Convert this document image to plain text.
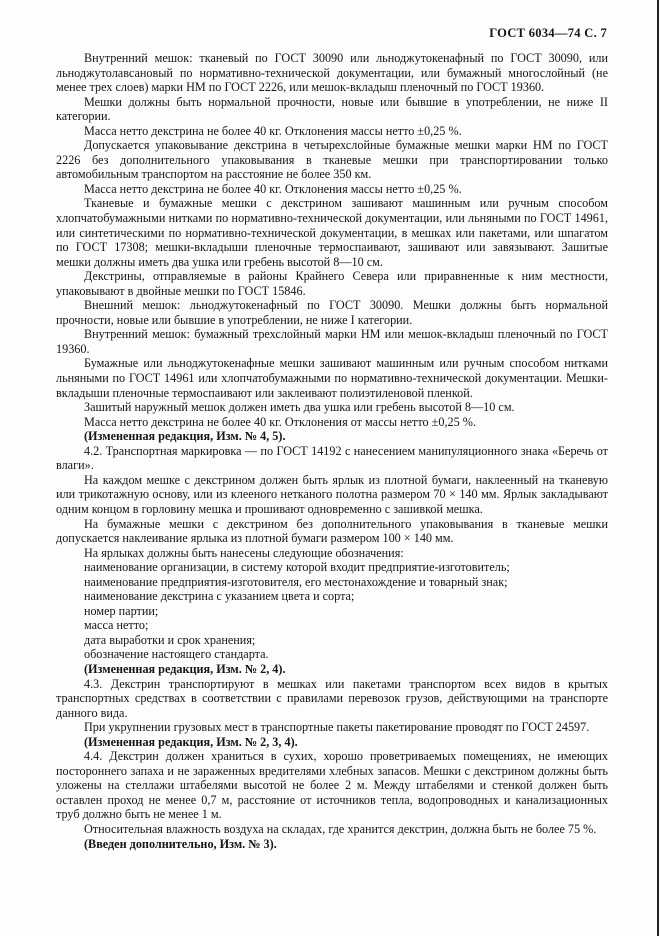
ГОСТ 6034—74 С. 7

Внутренний мешок: тканевый по ГОСТ 30090 или льноджутокенафный по ГОСТ 30090, или льноджутолавсановый по нормативно-технической документации, или бумажный многослойный (не менее трех слоев) марки НМ по ГОСТ 2226, или мешок-вкладыш пленочный по ГОСТ 19360.

Мешки должны быть нормальной прочности, новые или бывшие в употреблении, не ниже II категории.

Масса нетто декстрина не более 40 кг. Отклонения массы нетто ±0,25 %.

Допускается упаковывание декстрина в четырехслойные бумажные мешки марки НМ по ГОСТ 2226 без дополнительного упаковывания в тканевые мешки при транспортировании только автомобильным транспортом на расстояние не более 350 км.

Масса нетто декстрина не более 40 кг. Отклонения массы нетто ±0,25 %.

Тканевые и бумажные мешки с декстрином зашивают машинным или ручным способом хлопчатобумажными нитками по нормативно-технической документации, или льняными по ГОСТ 14961, или синтетическими по нормативно-технической документации, в мешках или пакетами, или шпагатом по ГОСТ 17308; мешки-вкладыши пленочные термоспаивают, зашивают или завязывают. Зашитые мешки должны иметь два ушка или гребень высотой 8—10 см.

Декстрины, отправляемые в районы Крайнего Севера или приравненные к ним местности, упаковывают в двойные мешки по ГОСТ 15846.

Внешний мешок: льноджутокенафный по ГОСТ 30090. Мешки должны быть нормальной прочности, новые или бывшие в употреблении, не ниже I категории.

Внутренний мешок: бумажный трехслойный марки НМ или мешок-вкладыш пленочный по ГОСТ 19360.

Бумажные или льноджутокенафные мешки зашивают машинным или ручным способом нитками льняными по ГОСТ 14961 или хлопчатобумажными по нормативно-технической документации. Мешки-вкладыши пленочные термоспаивают или заклеивают полиэтиленовой пленкой.

Зашитый наружный мешок должен иметь два ушка или гребень высотой 8—10 см.

Масса нетто декстрина не более 40 кг. Отклонения от массы нетто ±0,25 %.

(Измененная редакция, Изм. № 4, 5).

4.2. Транспортная маркировка — по ГОСТ 14192 с нанесением манипуляционного знака «Беречь от влаги».

На каждом мешке с декстрином должен быть ярлык из плотной бумаги, наклеенный на тканевую или трикотажную основу, или из клееного нетканого полотна размером 70 × 140 мм. Ярлык закладывают одним концом в горловину мешка и прошивают одновременно с зашивкой мешка.

На бумажные мешки с декстрином без дополнительного упаковывания в тканевые мешки допускается наклеивание ярлыка из плотной бумаги размером 100 × 140 мм.

На ярлыках должны быть нанесены следующие обозначения:

наименование организации, в систему которой входит предприятие-изготовитель;

наименование предприятия-изготовителя, его местонахождение и товарный знак;

наименование декстрина с указанием цвета и сорта;

номер партии;

масса нетто;

дата выработки и срок хранения;

обозначение настоящего стандарта.

(Измененная редакция, Изм. № 2, 4).

4.3. Декстрин транспортируют в мешках или пакетами транспортом всех видов в крытых транспортных средствах в соответствии с правилами перевозок грузов, действующими на транспорте данного вида.

При укрупнении грузовых мест в транспортные пакеты пакетирование проводят по ГОСТ 24597.

(Измененная редакция, Изм. № 2, 3, 4).

4.4. Декстрин должен храниться в сухих, хорошо проветриваемых помещениях, не имеющих постороннего запаха и не зараженных вредителями хлебных запасов. Мешки с декстрином должны быть уложены на стеллажи штабелями высотой не более 2 м. Между штабелями и стенкой должен быть оставлен проход не менее 0,7 м, расстояние от источников тепла, водопроводных и канализационных труб должно быть не менее 1 м.

Относительная влажность воздуха на складах, где хранится декстрин, должна быть не более 75 %.

(Введен дополнительно, Изм. № 3).
